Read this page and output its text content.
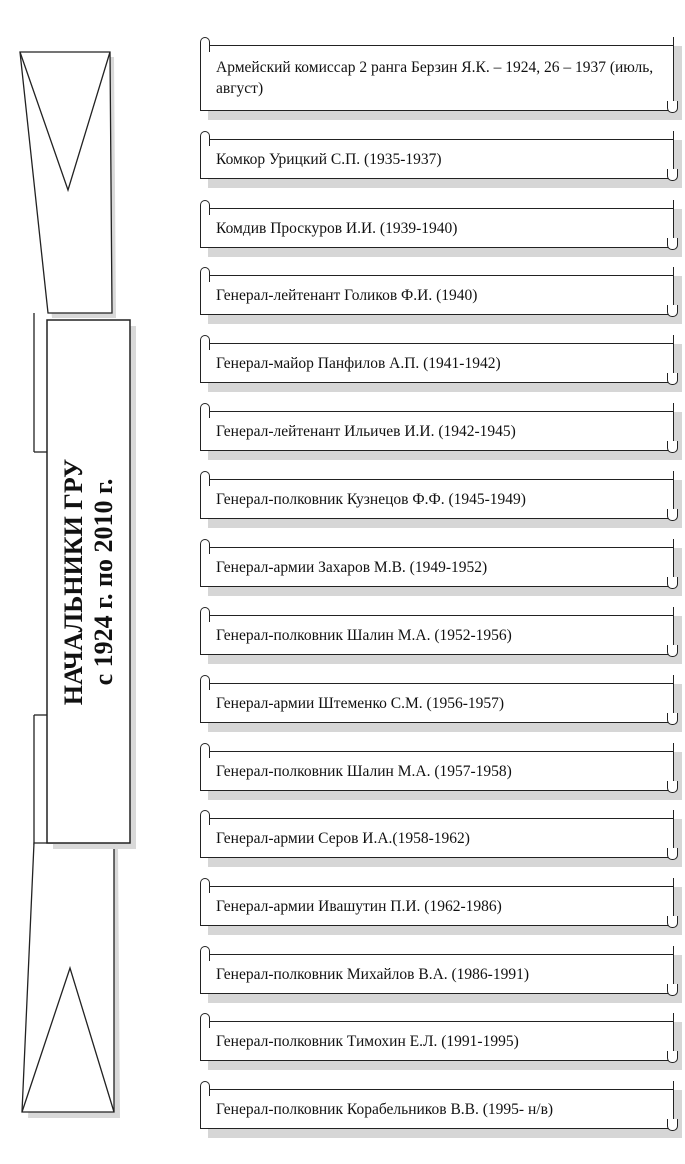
НАЧАЛЬНИКИ ГРУ с 1924 г. по 2010 г.
Армейский комиссар 2 ранга Берзин Я.К. – 1924, 26 – 1937 (июль, август)
Комкор Урицкий С.П. (1935-1937)
Комдив Проскуров И.И. (1939-1940)
Генерал-лейтенант Голиков Ф.И. (1940)
Генерал-майор Панфилов А.П. (1941-1942)
Генерал-лейтенант Ильичев И.И. (1942-1945)
Генерал-полковник Кузнецов Ф.Ф. (1945-1949)
Генерал-армии Захаров М.В. (1949-1952)
Генерал-полковник Шалин М.А. (1952-1956)
Генерал-армии Штеменко С.М. (1956-1957)
Генерал-полковник Шалин М.А. (1957-1958)
Генерал-армии Серов И.А.(1958-1962)
Генерал-армии Ивашутин П.И. (1962-1986)
Генерал-полковник Михайлов В.А. (1986-1991)
Генерал-полковник Тимохин Е.Л. (1991-1995)
Генерал-полковник Корабельников В.В. (1995- н/в)
